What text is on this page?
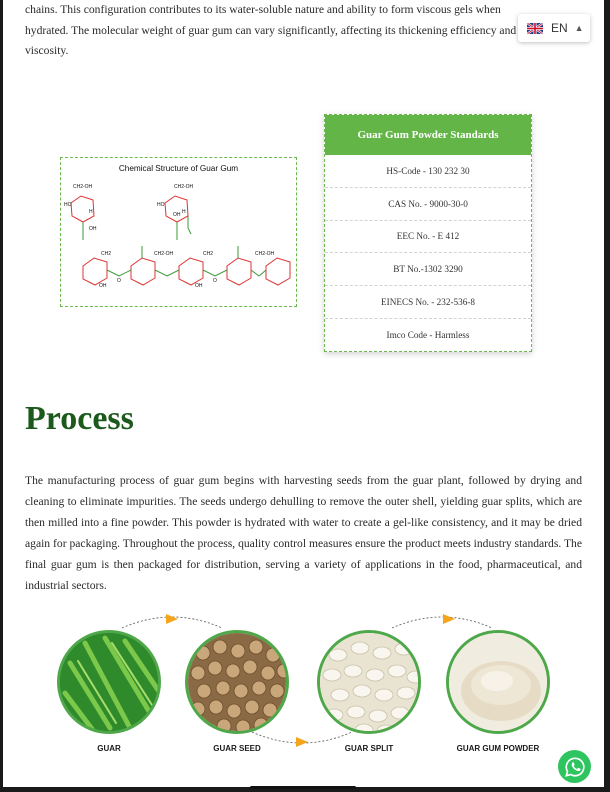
chains. This configuration contributes to its water-soluble nature and ability to form viscous gels when hydrated. The molecular weight of guar gum can vary significantly, affecting its thickening efficiency and viscosity.

EN ▲
Chemical Structure of Guar Gum
CH2-OH	CH2-OH
CH2-OH	CH2-OH
CH2	CH2
HO
OH
OH
HO
OH	OH
H	H
O	O
Guar Gum Powder Standards
HS-Code - 130 232 30
CAS No. - 9000-30-0
EEC No. - E 412
BT No.-1302 3290
EINECS No. - 232-536-8
Imco Code - Harmless
Process

The manufacturing process of guar gum begins with harvesting seeds from the guar plant, followed by drying and cleaning to eliminate impurities. The seeds undergo dehulling to remove the outer shell, yielding guar splits, which are then milled into a fine powder. This powder is hydrated with water to create a gel-like consistency, and it may be dried again for packaging. Throughout the process, quality control measures ensure the product meets industry standards. The final guar gum is then packaged for distribution, serving a variety of applications in the food, pharmaceutical, and industrial sectors.

GUAR	GUAR SEED	GUAR SPLIT	GUAR GUM POWDER
